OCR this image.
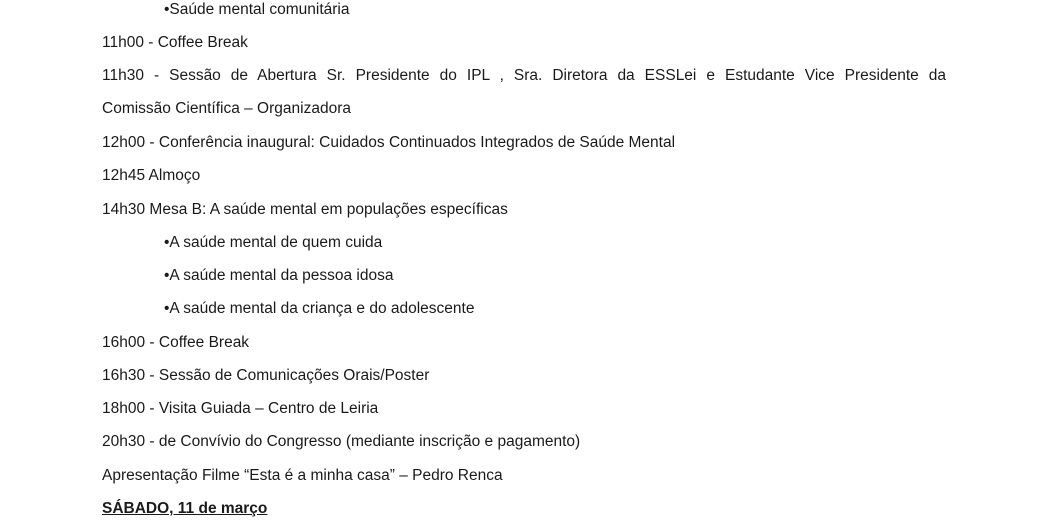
•Saúde mental comunitária
11h00 - Coffee Break
11h30 - Sessão de Abertura Sr. Presidente do IPL , Sra. Diretora da ESSLei e Estudante Vice Presidente da
Comissão Científica – Organizadora
12h00 - Conferência inaugural: Cuidados Continuados Integrados de Saúde Mental
12h45 Almoço
14h30 Mesa B: A saúde mental em populações específicas
•A saúde mental de quem cuida
•A saúde mental da pessoa idosa
•A saúde mental da criança e do adolescente
16h00 - Coffee Break
16h30 - Sessão de Comunicações Orais/Poster
18h00 - Visita Guiada – Centro de Leiria
20h30 - de Convívio do Congresso (mediante inscrição e pagamento)
Apresentação Filme “Esta é a minha casa” – Pedro Renca
SÁBADO, 11 de março
